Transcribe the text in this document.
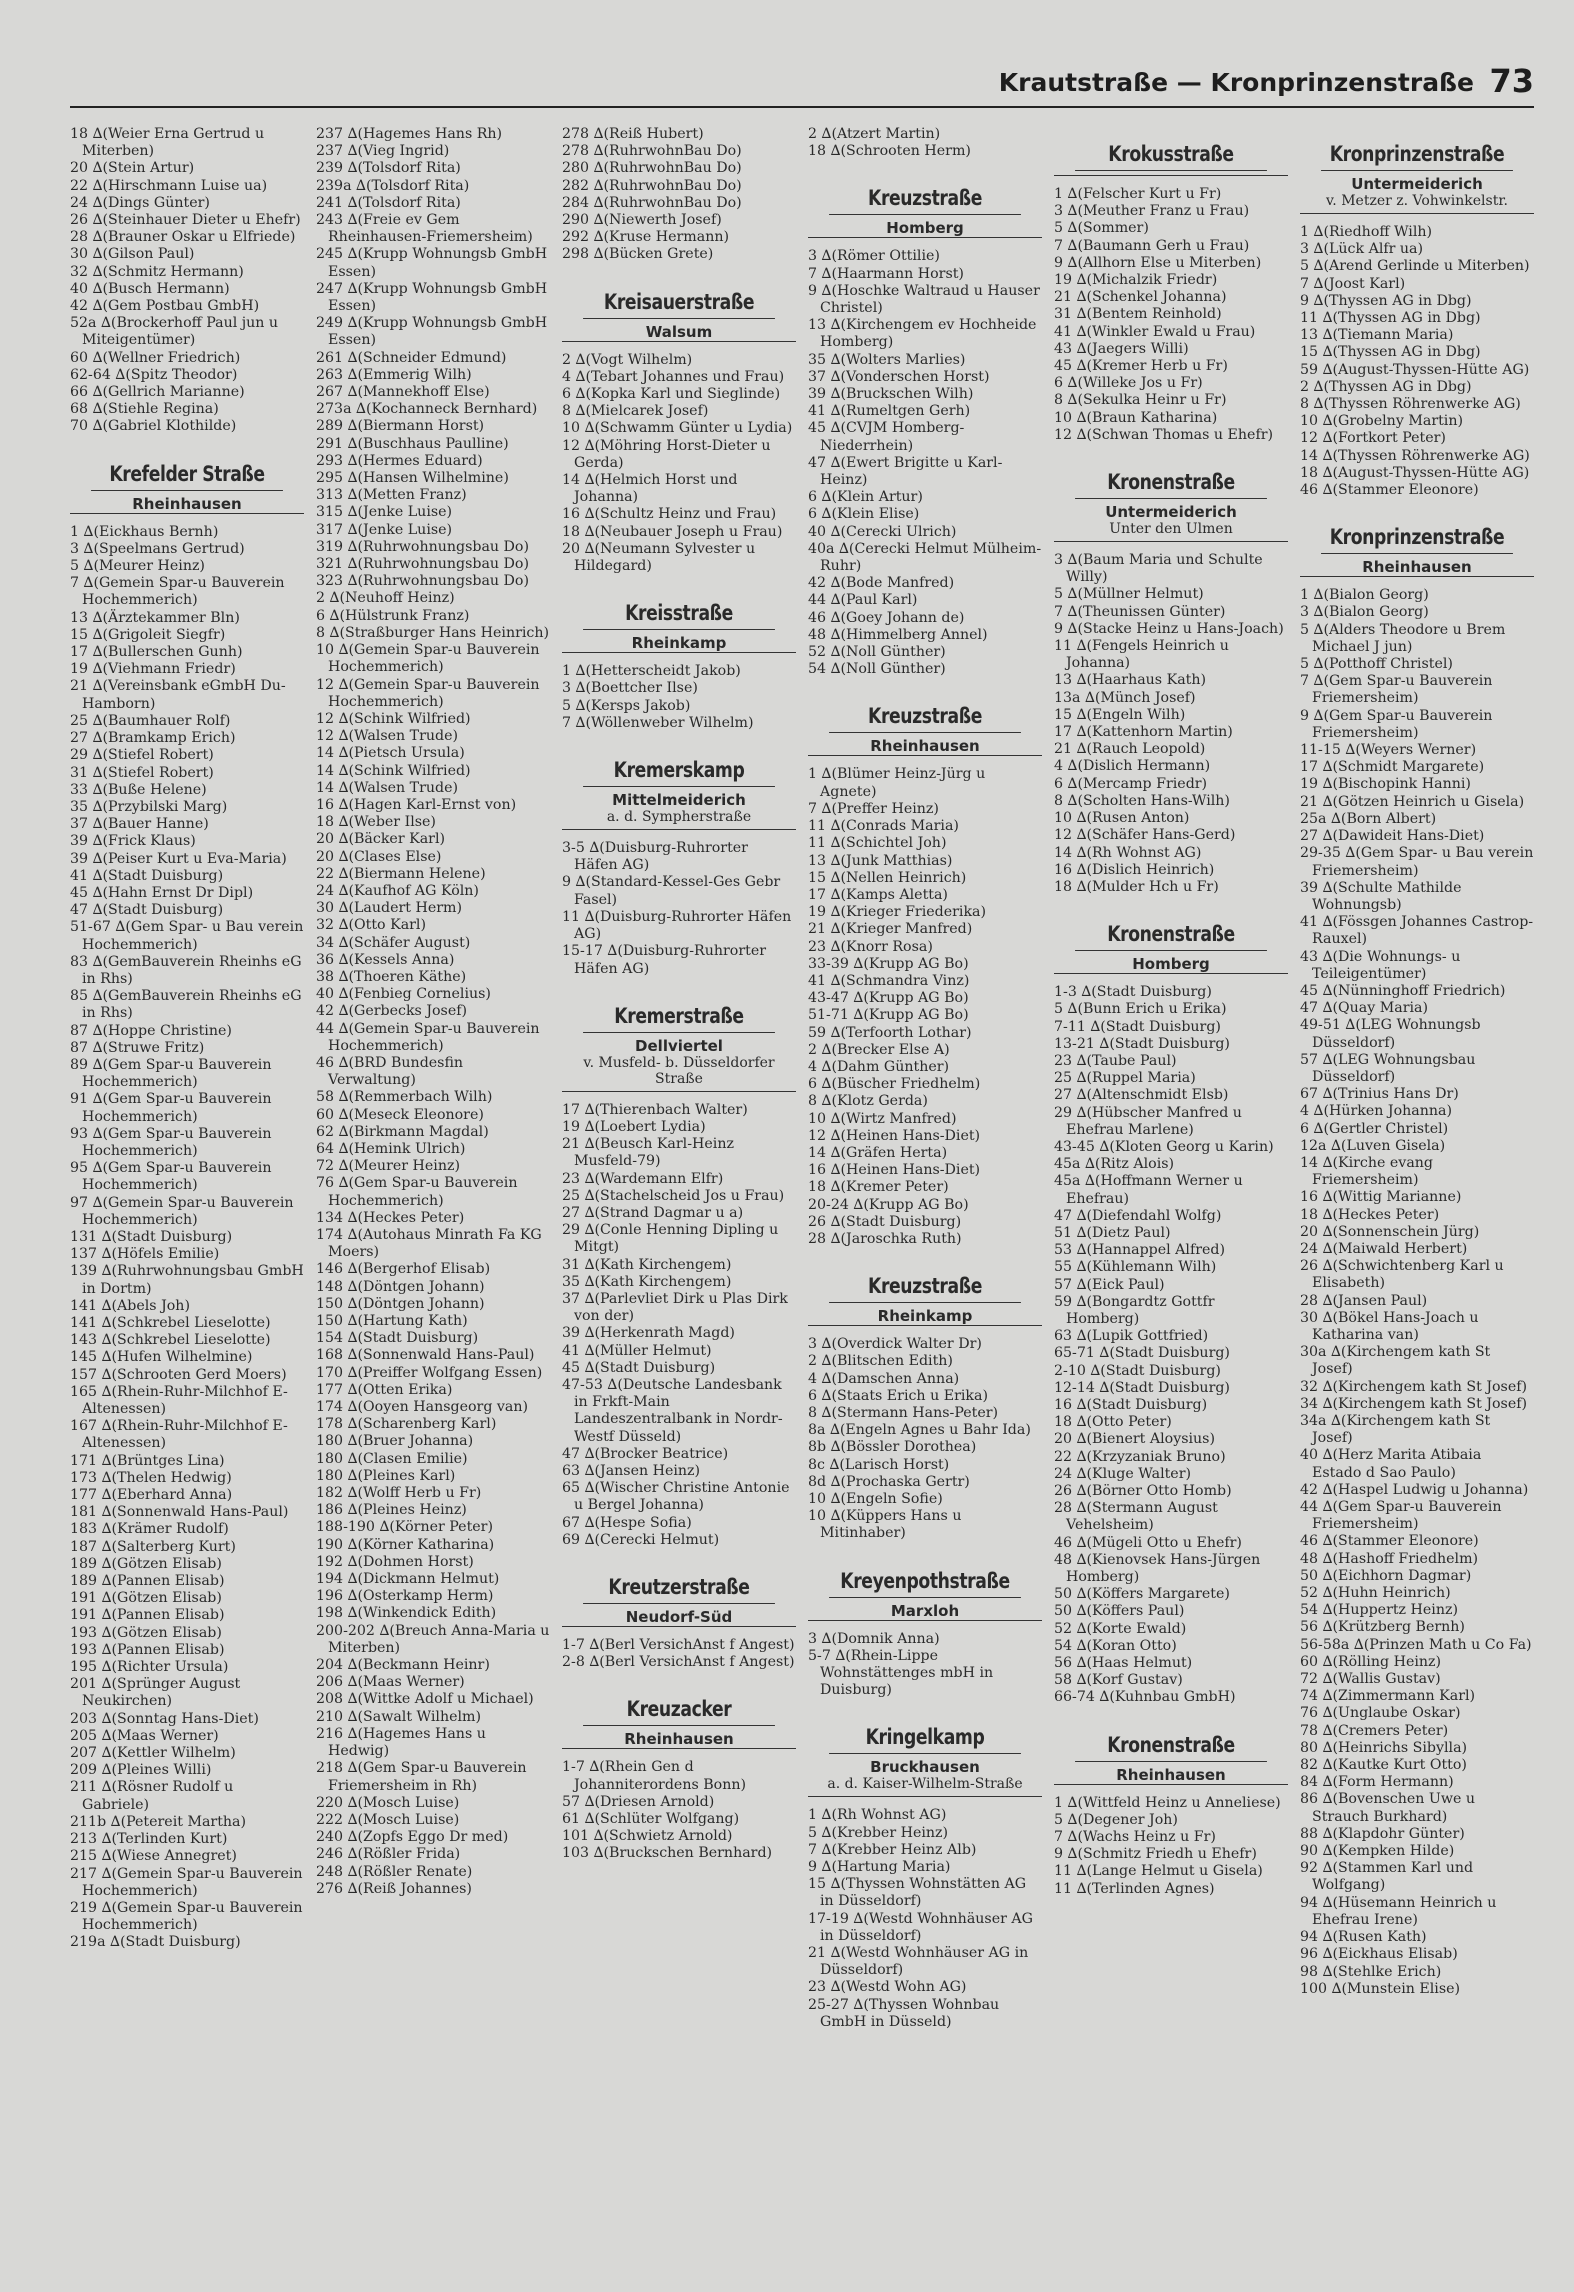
Krautstraße — Kronprinzenstraße 73

18 ∆(Weier Erna Gertrud u Miterben)

20 ∆(Stein Artur)

22 ∆(Hirschmann Luise ua)

24 ∆(Dings Günter)

26 ∆(Steinhauer Dieter u Ehefr)

28 ∆(Brauner Oskar u Elfriede)

30 ∆(Gilson Paul)

32 ∆(Schmitz Hermann)

40 ∆(Busch Hermann)

42 ∆(Gem Postbau GmbH)

52a ∆(Brockerhoff Paul jun u Miteigentümer)

60 ∆(Wellner Friedrich)

62-64 ∆(Spitz Theodor)

66 ∆(Gellrich Marianne)

68 ∆(Stiehle Regina)

70 ∆(Gabriel Klothilde)

Krefelder Straße
Rheinhausen

1 ∆(Eickhaus Bernh)

3 ∆(Speelmans Gertrud)

5 ∆(Meurer Heinz)

7 ∆(Gemein Spar-u Bauverein Hochemmerich)

13 ∆(Ärztekammer Bln)

15 ∆(Grigoleit Siegfr)

17 ∆(Bullerschen Gunh)

19 ∆(Viehmann Friedr)

21 ∆(Vereinsbank eGmbH Du-Hamborn)

25 ∆(Baumhauer Rolf)

27 ∆(Bramkamp Erich)

29 ∆(Stiefel Robert)

31 ∆(Stiefel Robert)

33 ∆(Buße Helene)

35 ∆(Przybilski Marg)

37 ∆(Bauer Hanne)

39 ∆(Frick Klaus)

39 ∆(Peiser Kurt u Eva-Maria)

41 ∆(Stadt Duisburg)

45 ∆(Hahn Ernst Dr Dipl)

47 ∆(Stadt Duisburg)

51-67 ∆(Gem Spar- u Bau verein Hochemmerich)

83 ∆(GemBauverein Rheinhs eG in Rhs)

85 ∆(GemBauverein Rheinhs eG in Rhs)

87 ∆(Hoppe Christine)

87 ∆(Struwe Fritz)

89 ∆(Gem Spar-u Bauverein Hochemmerich)

91 ∆(Gem Spar-u Bauverein Hochemmerich)

93 ∆(Gem Spar-u Bauverein Hochemmerich)

95 ∆(Gem Spar-u Bauverein Hochemmerich)

97 ∆(Gemein Spar-u Bauverein Hochemmerich)

131 ∆(Stadt Duisburg)

137 ∆(Höfels Emilie)

139 ∆(Ruhrwohnungsbau GmbH in Dortm)

141 ∆(Abels Joh)

141 ∆(Schkrebel Lieselotte)

143 ∆(Schkrebel Lieselotte)

145 ∆(Hufen Wilhelmine)

157 ∆(Schrooten Gerd Moers)

165 ∆(Rhein-Ruhr-Milchhof E-Altenessen)

167 ∆(Rhein-Ruhr-Milchhof E-Altenessen)

171 ∆(Brüntges Lina)

173 ∆(Thelen Hedwig)

177 ∆(Eberhard Anna)

181 ∆(Sonnenwald Hans-Paul)

183 ∆(Krämer Rudolf)

187 ∆(Salterberg Kurt)

189 ∆(Götzen Elisab)

189 ∆(Pannen Elisab)

191 ∆(Götzen Elisab)

191 ∆(Pannen Elisab)

193 ∆(Götzen Elisab)

193 ∆(Pannen Elisab)

195 ∆(Richter Ursula)

201 ∆(Sprünger August Neukirchen)

203 ∆(Sonntag Hans-Diet)

205 ∆(Maas Werner)

207 ∆(Kettler Wilhelm)

209 ∆(Pleines Willi)

211 ∆(Rösner Rudolf u Gabriele)

211b ∆(Petereit Martha)

213 ∆(Terlinden Kurt)

215 ∆(Wiese Annegret)

217 ∆(Gemein Spar-u Bauverein Hochemmerich)

219 ∆(Gemein Spar-u Bauverein Hochemmerich)

219a ∆(Stadt Duisburg)

237 ∆(Hagemes Hans Rh)

237 ∆(Vieg Ingrid)

239 ∆(Tolsdorf Rita)

239a ∆(Tolsdorf Rita)

241 ∆(Tolsdorf Rita)

243 ∆(Freie ev Gem Rheinhausen-Friemersheim)

245 ∆(Krupp Wohnungsb GmbH Essen)

247 ∆(Krupp Wohnungsb GmbH Essen)

249 ∆(Krupp Wohnungsb GmbH Essen)

261 ∆(Schneider Edmund)

263 ∆(Emmerig Wilh)

267 ∆(Mannekhoff Else)

273a ∆(Kochanneck Bernhard)

289 ∆(Biermann Horst)

291 ∆(Buschhaus Paulline)

293 ∆(Hermes Eduard)

295 ∆(Hansen Wilhelmine)

313 ∆(Metten Franz)

315 ∆(Jenke Luise)

317 ∆(Jenke Luise)

319 ∆(Ruhrwohnungsbau Do)

321 ∆(Ruhrwohnungsbau Do)

323 ∆(Ruhrwohnungsbau Do)

2 ∆(Neuhoff Heinz)

6 ∆(Hülstrunk Franz)

8 ∆(Straßburger Hans Heinrich)

10 ∆(Gemein Spar-u Bauverein Hochemmerich)

12 ∆(Gemein Spar-u Bauverein Hochemmerich)

12 ∆(Schink Wilfried)

12 ∆(Walsen Trude)

14 ∆(Pietsch Ursula)

14 ∆(Schink Wilfried)

14 ∆(Walsen Trude)

16 ∆(Hagen Karl-Ernst von)

18 ∆(Weber Ilse)

20 ∆(Bäcker Karl)

20 ∆(Clases Else)

22 ∆(Biermann Helene)

24 ∆(Kaufhof AG Köln)

30 ∆(Laudert Herm)

32 ∆(Otto Karl)

34 ∆(Schäfer August)

36 ∆(Kessels Anna)

38 ∆(Thoeren Käthe)

40 ∆(Fenbieg Cornelius)

42 ∆(Gerbecks Josef)

44 ∆(Gemein Spar-u Bauverein Hochemmerich)

46 ∆(BRD Bundesfin Verwaltung)

58 ∆(Remmerbach Wilh)

60 ∆(Meseck Eleonore)

62 ∆(Birkmann Magdal)

64 ∆(Hemink Ulrich)

72 ∆(Meurer Heinz)

76 ∆(Gem Spar-u Bauverein Hochemmerich)

134 ∆(Heckes Peter)

174 ∆(Autohaus Minrath Fa KG Moers)

146 ∆(Bergerhof Elisab)

148 ∆(Döntgen Johann)

150 ∆(Döntgen Johann)

150 ∆(Hartung Kath)

154 ∆(Stadt Duisburg)

168 ∆(Sonnenwald Hans-Paul)

170 ∆(Preiffer Wolfgang Essen)

177 ∆(Otten Erika)

174 ∆(Ooyen Hansgeorg van)

178 ∆(Scharenberg Karl)

180 ∆(Bruer Johanna)

180 ∆(Clasen Emilie)

180 ∆(Pleines Karl)

182 ∆(Wolff Herb u Fr)

186 ∆(Pleines Heinz)

188-190 ∆(Körner Peter)

190 ∆(Körner Katharina)

192 ∆(Dohmen Horst)

194 ∆(Dickmann Helmut)

196 ∆(Osterkamp Herm)

198 ∆(Winkendick Edith)

200-202 ∆(Breuch Anna-Maria u Miterben)

204 ∆(Beckmann Heinr)

206 ∆(Maas Werner)

208 ∆(Wittke Adolf u Michael)

210 ∆(Sawalt Wilhelm)

216 ∆(Hagemes Hans u Hedwig)

218 ∆(Gem Spar-u Bauverein Friemersheim in Rh)

220 ∆(Mosch Luise)

222 ∆(Mosch Luise)

240 ∆(Zopfs Eggo Dr med)

246 ∆(Rößler Frida)

248 ∆(Rößler Renate)

276 ∆(Reiß Johannes)

278 ∆(Reiß Hubert)

278 ∆(RuhrwohnBau Do)

280 ∆(RuhrwohnBau Do)

282 ∆(RuhrwohnBau Do)

284 ∆(RuhrwohnBau Do)

290 ∆(Niewerth Josef)

292 ∆(Kruse Hermann)

298 ∆(Bücken Grete)

Kreisauerstraße
Walsum

2 ∆(Vogt Wilhelm)

4 ∆(Tebart Johannes und Frau)

6 ∆(Kopka Karl und Sieglinde)

8 ∆(Mielcarek Josef)

10 ∆(Schwamm Günter u Lydia)

12 ∆(Möhring Horst-Dieter u Gerda)

14 ∆(Helmich Horst und Johanna)

16 ∆(Schultz Heinz und Frau)

18 ∆(Neubauer Joseph u Frau)

20 ∆(Neumann Sylvester u Hildegard)

Kreisstraße
Rheinkamp

1 ∆(Hetterscheidt Jakob)

3 ∆(Boettcher Ilse)

5 ∆(Kersps Jakob)

7 ∆(Wöllenweber Wilhelm)

Kremerskamp
Mittelmeiderich
a. d. Sympherstraße

3-5 ∆(Duisburg-Ruhrorter Häfen AG)

9 ∆(Standard-Kessel-Ges Gebr Fasel)

11 ∆(Duisburg-Ruhrorter Häfen AG)

15-17 ∆(Duisburg-Ruhrorter Häfen AG)

Kremerstraße
Dellviertel
v. Musfeld- b. Düsseldorfer Straße

17 ∆(Thierenbach Walter)

19 ∆(Loebert Lydia)

21 ∆(Beusch Karl-Heinz Musfeld-79)

23 ∆(Wardemann Elfr)

25 ∆(Stachelscheid Jos u Frau)

27 ∆(Strand Dagmar u a)

29 ∆(Conle Henning Dipling u Mitgt)

31 ∆(Kath Kirchengem)

35 ∆(Kath Kirchengem)

37 ∆(Parlevliet Dirk u Plas Dirk von der)

39 ∆(Herkenrath Magd)

41 ∆(Müller Helmut)

45 ∆(Stadt Duisburg)

47-53 ∆(Deutsche Landesbank in Frkft-Main Landeszentralbank in Nordr-Westf Düsseld)

47 ∆(Brocker Beatrice)

63 ∆(Jansen Heinz)

65 ∆(Wischer Christine Antonie u Bergel Johanna)

67 ∆(Hespe Sofia)

69 ∆(Cerecki Helmut)

Kreutzerstraße
Neudorf-Süd

1-7 ∆(Berl VersichAnst f Angest)

2-8 ∆(Berl VersichAnst f Angest)

Kreuzacker
Rheinhausen

1-7 ∆(Rhein Gen d Johanniterordens Bonn)

57 ∆(Driesen Arnold)

61 ∆(Schlüter Wolfgang)

101 ∆(Schwietz Arnold)

103 ∆(Bruckschen Bernhard)

2 ∆(Atzert Martin)

18 ∆(Schrooten Herm)

Kreuzstraße
Homberg

3 ∆(Römer Ottilie)

7 ∆(Haarmann Horst)

9 ∆(Hoschke Waltraud u Hauser Christel)

13 ∆(Kirchengem ev Hochheide Homberg)

35 ∆(Wolters Marlies)

37 ∆(Vonderschen Horst)

39 ∆(Bruckschen Wilh)

41 ∆(Rumeltgen Gerh)

45 ∆(CVJM Homberg-Niederrhein)

47 ∆(Ewert Brigitte u Karl-Heinz)

6 ∆(Klein Artur)

6 ∆(Klein Elise)

40 ∆(Cerecki Ulrich)

40a ∆(Cerecki Helmut Mülheim-Ruhr)

42 ∆(Bode Manfred)

44 ∆(Paul Karl)

46 ∆(Goey Johann de)

48 ∆(Himmelberg Annel)

52 ∆(Noll Günther)

54 ∆(Noll Günther)

Kreuzstraße
Rheinhausen

1 ∆(Blümer Heinz-Jürg u Agnete)

7 ∆(Preffer Heinz)

11 ∆(Conrads Maria)

11 ∆(Schichtel Joh)

13 ∆(Junk Matthias)

15 ∆(Nellen Heinrich)

17 ∆(Kamps Aletta)

19 ∆(Krieger Friederika)

21 ∆(Krieger Manfred)

23 ∆(Knorr Rosa)

33-39 ∆(Krupp AG Bo)

41 ∆(Schmandra Vinz)

43-47 ∆(Krupp AG Bo)

51-71 ∆(Krupp AG Bo)

59 ∆(Terfoorth Lothar)

2 ∆(Brecker Else A)

4 ∆(Dahm Günther)

6 ∆(Büscher Friedhelm)

8 ∆(Klotz Gerda)

10 ∆(Wirtz Manfred)

12 ∆(Heinen Hans-Diet)

14 ∆(Gräfen Herta)

16 ∆(Heinen Hans-Diet)

18 ∆(Kremer Peter)

20-24 ∆(Krupp AG Bo)

26 ∆(Stadt Duisburg)

28 ∆(Jaroschka Ruth)

Kreuzstraße
Rheinkamp

3 ∆(Overdick Walter Dr)

2 ∆(Blitschen Edith)

4 ∆(Damschen Anna)

6 ∆(Staats Erich u Erika)

8 ∆(Stermann Hans-Peter)

8a ∆(Engeln Agnes u Bahr Ida)

8b ∆(Bössler Dorothea)

8c ∆(Larisch Horst)

8d ∆(Prochaska Gertr)

10 ∆(Engeln Sofie)

10 ∆(Küppers Hans u Mitinhaber)

Kreyenpothstraße
Marxloh

3 ∆(Domnik Anna)

5-7 ∆(Rhein-Lippe Wohnstättenges mbH in Duisburg)

Kringelkamp
Bruckhausen
a. d. Kaiser-Wilhelm-Straße

1 ∆(Rh Wohnst AG)

5 ∆(Krebber Heinz)

7 ∆(Krebber Heinz Alb)

9 ∆(Hartung Maria)

15 ∆(Thyssen Wohnstätten AG in Düsseldorf)

17-19 ∆(Westd Wohnhäuser AG in Düsseldorf)

21 ∆(Westd Wohnhäuser AG in Düsseldorf)

23 ∆(Westd Wohn AG)

25-27 ∆(Thyssen Wohnbau GmbH in Düsseld)

Krokusstraße

1 ∆(Felscher Kurt u Fr)

3 ∆(Meuther Franz u Frau)

5 ∆(Sommer)

7 ∆(Baumann Gerh u Frau)

9 ∆(Allhorn Else u Miterben)

19 ∆(Michalzik Friedr)

21 ∆(Schenkel Johanna)

31 ∆(Bentem Reinhold)

41 ∆(Winkler Ewald u Frau)

43 ∆(Jaegers Willi)

45 ∆(Kremer Herb u Fr)

6 ∆(Willeke Jos u Fr)

8 ∆(Sekulka Heinr u Fr)

10 ∆(Braun Katharina)

12 ∆(Schwan Thomas u Ehefr)

Kronenstraße
Untermeiderich
Unter den Ulmen

3 ∆(Baum Maria und Schulte Willy)

5 ∆(Müllner Helmut)

7 ∆(Theunissen Günter)

9 ∆(Stacke Heinz u Hans-Joach)

11 ∆(Fengels Heinrich u Johanna)

13 ∆(Haarhaus Kath)

13a ∆(Münch Josef)

15 ∆(Engeln Wilh)

17 ∆(Kattenhorn Martin)

21 ∆(Rauch Leopold)

4 ∆(Dislich Hermann)

6 ∆(Mercamp Friedr)

8 ∆(Scholten Hans-Wilh)

10 ∆(Rusen Anton)

12 ∆(Schäfer Hans-Gerd)

14 ∆(Rh Wohnst AG)

16 ∆(Dislich Heinrich)

18 ∆(Mulder Hch u Fr)

Kronenstraße
Homberg

1-3 ∆(Stadt Duisburg)

5 ∆(Bunn Erich u Erika)

7-11 ∆(Stadt Duisburg)

13-21 ∆(Stadt Duisburg)

23 ∆(Taube Paul)

25 ∆(Ruppel Maria)

27 ∆(Altenschmidt Elsb)

29 ∆(Hübscher Manfred u Ehefrau Marlene)

43-45 ∆(Kloten Georg u Karin)

45a ∆(Ritz Alois)

45a ∆(Hoffmann Werner u Ehefrau)

47 ∆(Diefendahl Wolfg)

51 ∆(Dietz Paul)

53 ∆(Hannappel Alfred)

55 ∆(Kühlemann Wilh)

57 ∆(Eick Paul)

59 ∆(Bongardtz Gottfr Homberg)

63 ∆(Lupik Gottfried)

65-71 ∆(Stadt Duisburg)

2-10 ∆(Stadt Duisburg)

12-14 ∆(Stadt Duisburg)

16 ∆(Stadt Duisburg)

18 ∆(Otto Peter)

20 ∆(Bienert Aloysius)

22 ∆(Krzyzaniak Bruno)

24 ∆(Kluge Walter)

26 ∆(Börner Otto Homb)

28 ∆(Stermann August Vehelsheim)

46 ∆(Mügeli Otto u Ehefr)

48 ∆(Kienovsek Hans-Jürgen Homberg)

50 ∆(Köffers Margarete)

50 ∆(Köffers Paul)

52 ∆(Korte Ewald)

54 ∆(Koran Otto)

56 ∆(Haas Helmut)

58 ∆(Korf Gustav)

66-74 ∆(Kuhnbau GmbH)

Kronenstraße
Rheinhausen

1 ∆(Wittfeld Heinz u Anneliese)

5 ∆(Degener Joh)

7 ∆(Wachs Heinz u Fr)

9 ∆(Schmitz Friedh u Ehefr)

11 ∆(Lange Helmut u Gisela)

11 ∆(Terlinden Agnes)

Kronprinzenstraße
Untermeiderich
v. Metzer z. Vohwinkelstr.

1 ∆(Riedhoff Wilh)

3 ∆(Lück Alfr ua)

5 ∆(Arend Gerlinde u Miterben)

7 ∆(Joost Karl)

9 ∆(Thyssen AG in Dbg)

11 ∆(Thyssen AG in Dbg)

13 ∆(Tiemann Maria)

15 ∆(Thyssen AG in Dbg)

59 ∆(August-Thyssen-Hütte AG)

2 ∆(Thyssen AG in Dbg)

8 ∆(Thyssen Röhrenwerke AG)

10 ∆(Grobelny Martin)

12 ∆(Fortkort Peter)

14 ∆(Thyssen Röhrenwerke AG)

18 ∆(August-Thyssen-Hütte AG)

46 ∆(Stammer Eleonore)

Kronprinzenstraße
Rheinhausen

1 ∆(Bialon Georg)

3 ∆(Bialon Georg)

5 ∆(Alders Theodore u Brem Michael J jun)

5 ∆(Potthoff Christel)

7 ∆(Gem Spar-u Bauverein Friemersheim)

9 ∆(Gem Spar-u Bauverein Friemersheim)

11-15 ∆(Weyers Werner)

17 ∆(Schmidt Margarete)

19 ∆(Bischopink Hanni)

21 ∆(Götzen Heinrich u Gisela)

25a ∆(Born Albert)

27 ∆(Dawideit Hans-Diet)

29-35 ∆(Gem Spar- u Bau verein Friemersheim)

39 ∆(Schulte Mathilde Wohnungsb)

41 ∆(Fössgen Johannes Castrop-Rauxel)

43 ∆(Die Wohnungs- u Teileigentümer)

45 ∆(Nünninghoff Friedrich)

47 ∆(Quay Maria)

49-51 ∆(LEG Wohnungsb Düsseldorf)

57 ∆(LEG Wohnungsbau Düsseldorf)

67 ∆(Trinius Hans Dr)

4 ∆(Hürken Johanna)

6 ∆(Gertler Christel)

12a ∆(Luven Gisela)

14 ∆(Kirche evang Friemersheim)

16 ∆(Wittig Marianne)

18 ∆(Heckes Peter)

20 ∆(Sonnenschein Jürg)

24 ∆(Maiwald Herbert)

26 ∆(Schwichtenberg Karl u Elisabeth)

28 ∆(Jansen Paul)

30 ∆(Bökel Hans-Joach u Katharina van)

30a ∆(Kirchengem kath St Josef)

32 ∆(Kirchengem kath St Josef)

34 ∆(Kirchengem kath St Josef)

34a ∆(Kirchengem kath St Josef)

40 ∆(Herz Marita Atibaia Estado d Sao Paulo)

42 ∆(Haspel Ludwig u Johanna)

44 ∆(Gem Spar-u Bauverein Friemersheim)

46 ∆(Stammer Eleonore)

48 ∆(Hashoff Friedhelm)

50 ∆(Eichhorn Dagmar)

52 ∆(Huhn Heinrich)

54 ∆(Huppertz Heinz)

56 ∆(Krützberg Bernh)

56-58a ∆(Prinzen Math u Co Fa)

60 ∆(Rölling Heinz)

72 ∆(Wallis Gustav)

74 ∆(Zimmermann Karl)

76 ∆(Unglaube Oskar)

78 ∆(Cremers Peter)

80 ∆(Heinrichs Sibylla)

82 ∆(Kautke Kurt Otto)

84 ∆(Form Hermann)

86 ∆(Bovenschen Uwe u Strauch Burkhard)

88 ∆(Klapdohr Günter)

90 ∆(Kempken Hilde)

92 ∆(Stammen Karl und Wolfgang)

94 ∆(Hüsemann Heinrich u Ehefrau Irene)

94 ∆(Rusen Kath)

96 ∆(Eickhaus Elisab)

98 ∆(Stehlke Erich)

100 ∆(Munstein Elise)
